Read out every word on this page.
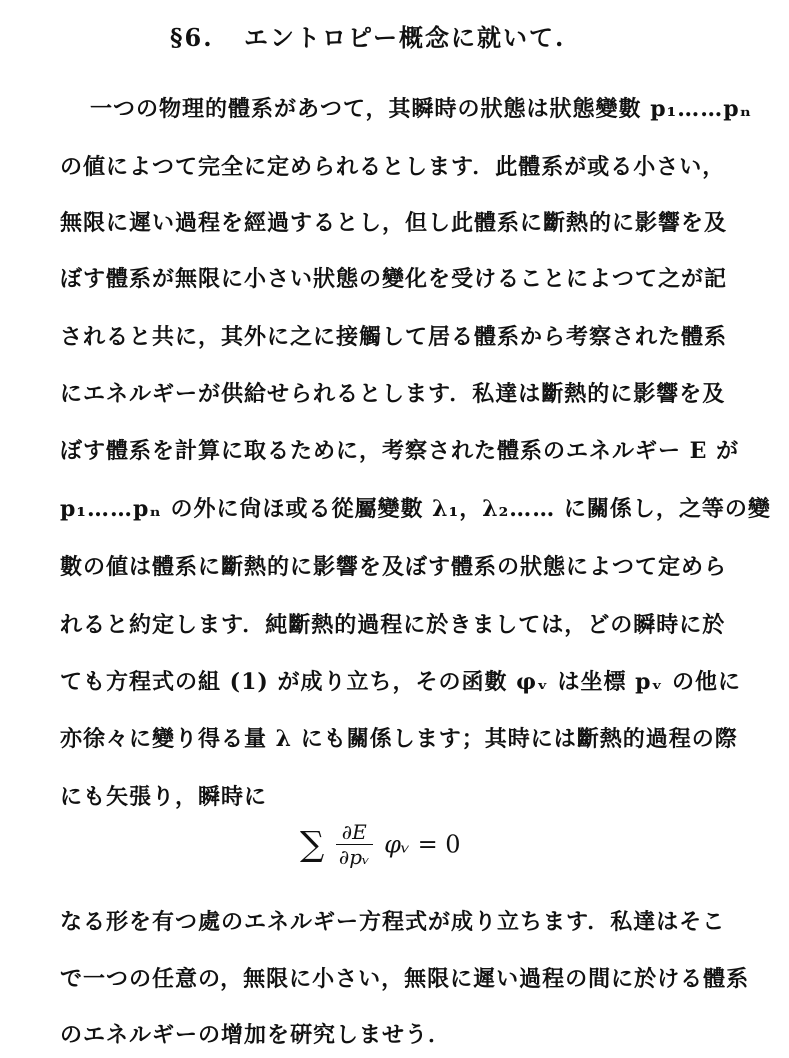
§6. エントロピー概念に就いて.
一つの物理的體系があつて，其瞬時の狀態は狀態變數 p₁……pₙ
の値によつて完全に定められるとします．此體系が或る小さい，
無限に遲い過程を經過するとし，但し此體系に斷熱的に影響を及
ぼす體系が無限に小さい狀態の變化を受けることによつて之が記
されると共に，其外に之に接觸して居る體系から考察された體系
にエネルギーが供給せられるとします．私達は斷熱的に影響を及
ぼす體系を計算に取るために，考察された體系のエネルギー E が
p₁……pₙ の外に尙ほ或る從屬變數 λ₁，λ₂…… に關係し，之等の變
數の値は體系に斷熱的に影響を及ぼす體系の狀態によつて定めら
れると約定します．純斷熱的過程に於きましては，どの瞬時に於
ても方程式の組 (1) が成り立ち，その函數 φᵥ は坐標 pᵥ の他に
亦徐々に變り得る量 λ にも關係します；其時には斷熱的過程の際
にも矢張り，瞬時に
∑ $\frac{\partial E}{\text{∂pᵥ}}$ φᵥ = 0
なる形を有つ處のエネルギー方程式が成り立ちます．私達はそこ
で一つの任意の，無限に小さい，無限に遲い過程の間に於ける體系
のエネルギーの增加を硏究しませう．
